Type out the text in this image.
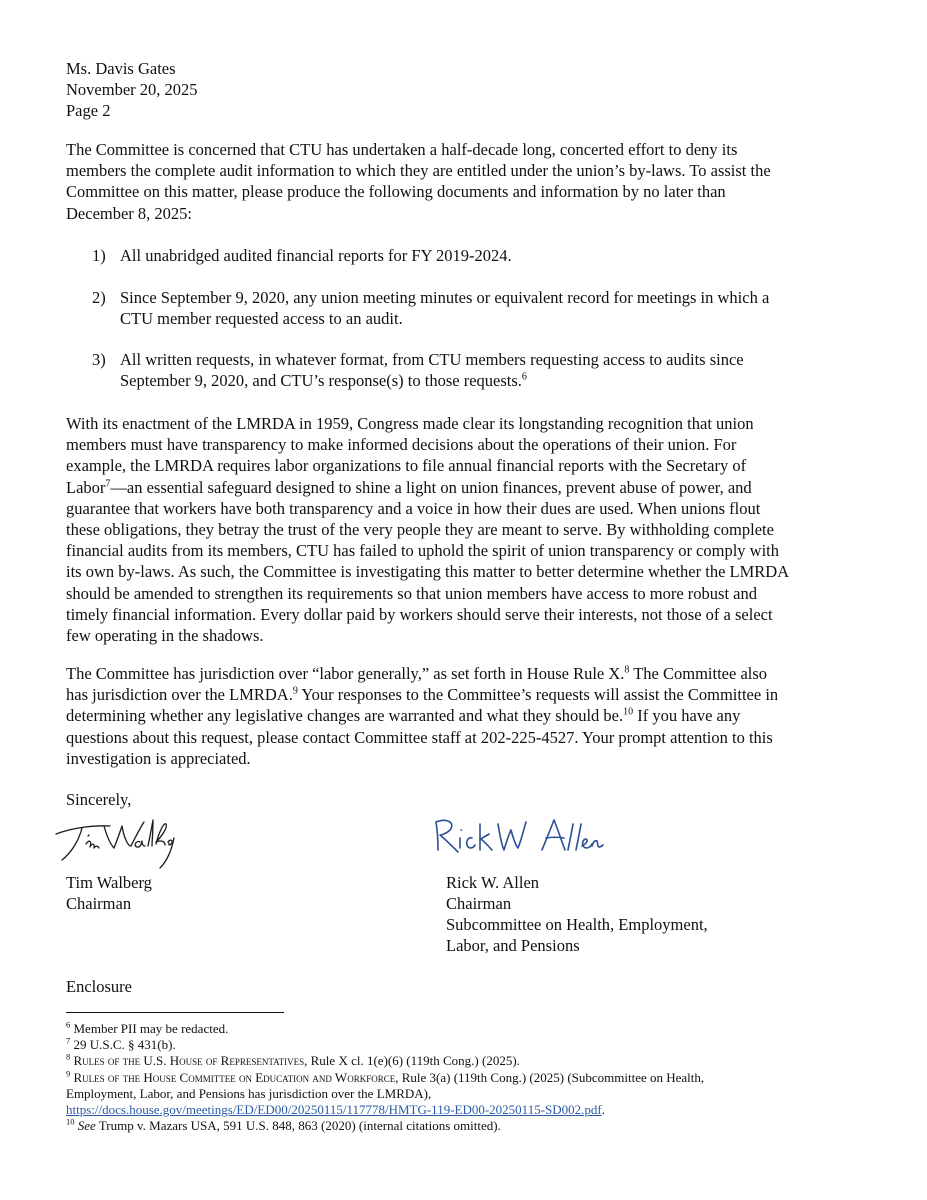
Ms. Davis Gates
November 20, 2025
Page 2
The Committee is concerned that CTU has undertaken a half-decade long, concerted effort to deny its
members the complete audit information to which they are entitled under the union’s by-laws. To assist the
Committee on this matter, please produce the following documents and information by no later than
December 8, 2025:
1) All unabridged audited financial reports for FY 2019-2024.
2) Since September 9, 2020, any union meeting minutes or equivalent record for meetings in which a
CTU member requested access to an audit.
3) All written requests, in whatever format, from CTU members requesting access to audits since
September 9, 2020, and CTU’s response(s) to those requests.$^6$
With its enactment of the LMRDA in 1959, Congress made clear its longstanding recognition that union
members must have transparency to make informed decisions about the operations of their union. For
example, the LMRDA requires labor organizations to file annual financial reports with the Secretary of
Labor$^7$—an essential safeguard designed to shine a light on union finances, prevent abuse of power, and
guarantee that workers have both transparency and a voice in how their dues are used. When unions flout
these obligations, they betray the trust of the very people they are meant to serve. By withholding complete
financial audits from its members, CTU has failed to uphold the spirit of union transparency or comply with
its own by-laws. As such, the Committee is investigating this matter to better determine whether the LMRDA
should be amended to strengthen its requirements so that union members have access to more robust and
timely financial information. Every dollar paid by workers should serve their interests, not those of a select
few operating in the shadows.
The Committee has jurisdiction over “labor generally,” as set forth in House Rule X.$^8$ The Committee also
has jurisdiction over the LMRDA.$^9$ Your responses to the Committee’s requests will assist the Committee in
determining whether any legislative changes are warranted and what they should be.$^{10}$ If you have any
questions about this request, please contact Committee staff at 202-225-4527. Your prompt attention to this
investigation is appreciated.
Sincerely,
Tim Walberg
Chairman
Rick W. Allen
Chairman
Subcommittee on Health, Employment,
Labor, and Pensions
Enclosure

$^6$ Member PII may be redacted.

$^7$ 29 U.S.C. § 431(b).

$^8$ Rules of the U.S. House of Representatives, Rule X cl. 1(e)(6) (119th Cong.) (2025).

$^9$ Rules of the House Committee on Education and Workforce, Rule 3(a) (119th Cong.) (2025) (Subcommittee on Health,

Employment, Labor, and Pensions has jurisdiction over the LMRDA),

https://docs.house.gov/meetings/ED/ED00/20250115/117778/HMTG-119-ED00-20250115-SD002.pdf.

$^{10}$ See Trump v. Mazars USA, 591 U.S. 848, 863 (2020) (internal citations omitted).
